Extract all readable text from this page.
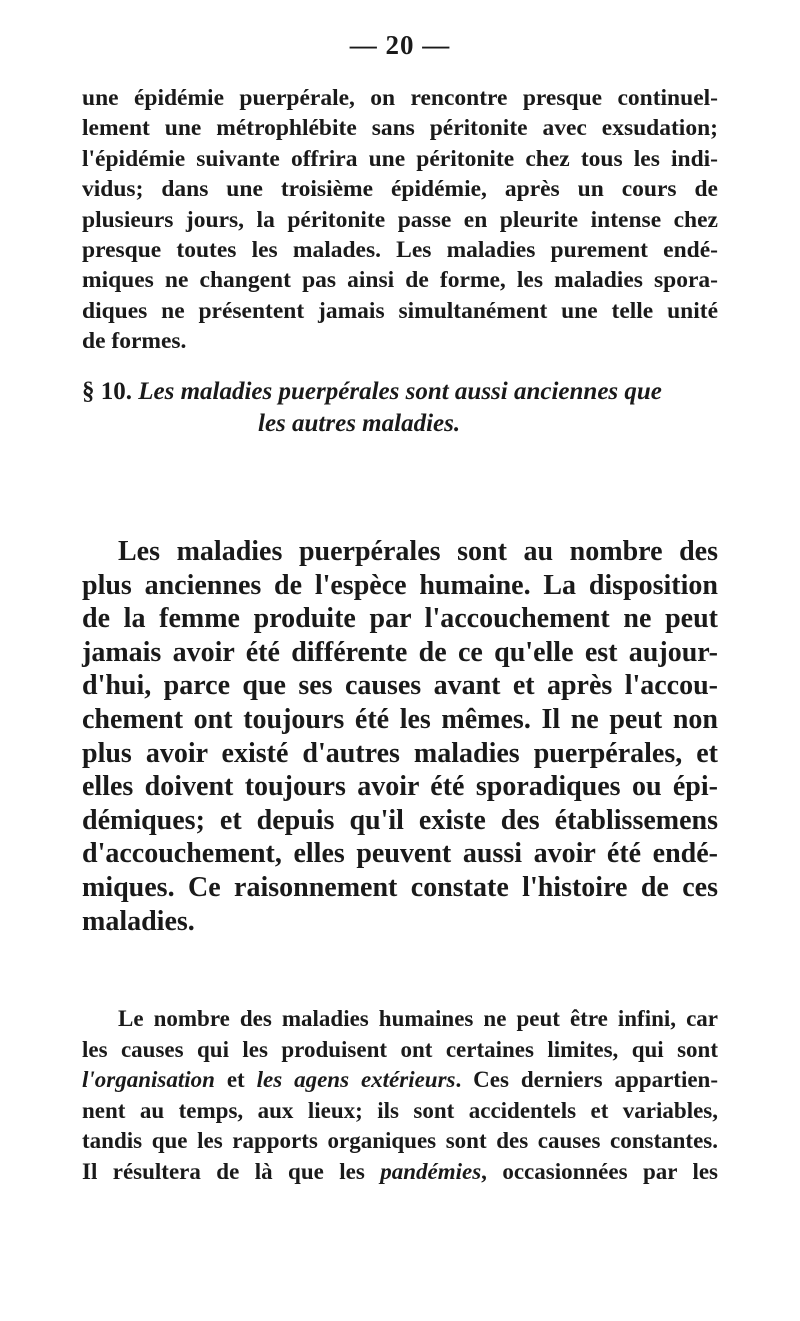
— 20 —
une épidémie puerpérale, on rencontre presque continuel-
lement une métrophlébite sans péritonite avec exsudation;
l'épidémie suivante offrira une péritonite chez tous les indi-
vidus; dans une troisième épidémie, après un cours de
plusieurs jours, la péritonite passe en pleurite intense chez
presque toutes les malades. Les maladies purement endé-
miques ne changent pas ainsi de forme, les maladies spora-
diques ne présentent jamais simultanément une telle unité
de formes.
§ 10. Les maladies puerpérales sont aussi anciennes que
les autres maladies.
Les maladies puerpérales sont au nombre des
plus anciennes de l'espèce humaine. La disposition
de la femme produite par l'accouchement ne peut
jamais avoir été différente de ce qu'elle est aujour-
d'hui, parce que ses causes avant et après l'accou-
chement ont toujours été les mêmes. Il ne peut non
plus avoir existé d'autres maladies puerpérales, et
elles doivent toujours avoir été sporadiques ou épi-
démiques; et depuis qu'il existe des établissemens
d'accouchement, elles peuvent aussi avoir été endé-
miques. Ce raisonnement constate l'histoire de ces
maladies.
Le nombre des maladies humaines ne peut être infini, car
les causes qui les produisent ont certaines limites, qui sont
l'organisation et les agens extérieurs. Ces derniers appartien-
nent au temps, aux lieux; ils sont accidentels et variables,
tandis que les rapports organiques sont des causes constantes.
Il résultera de là que les pandémies, occasionnées par les
